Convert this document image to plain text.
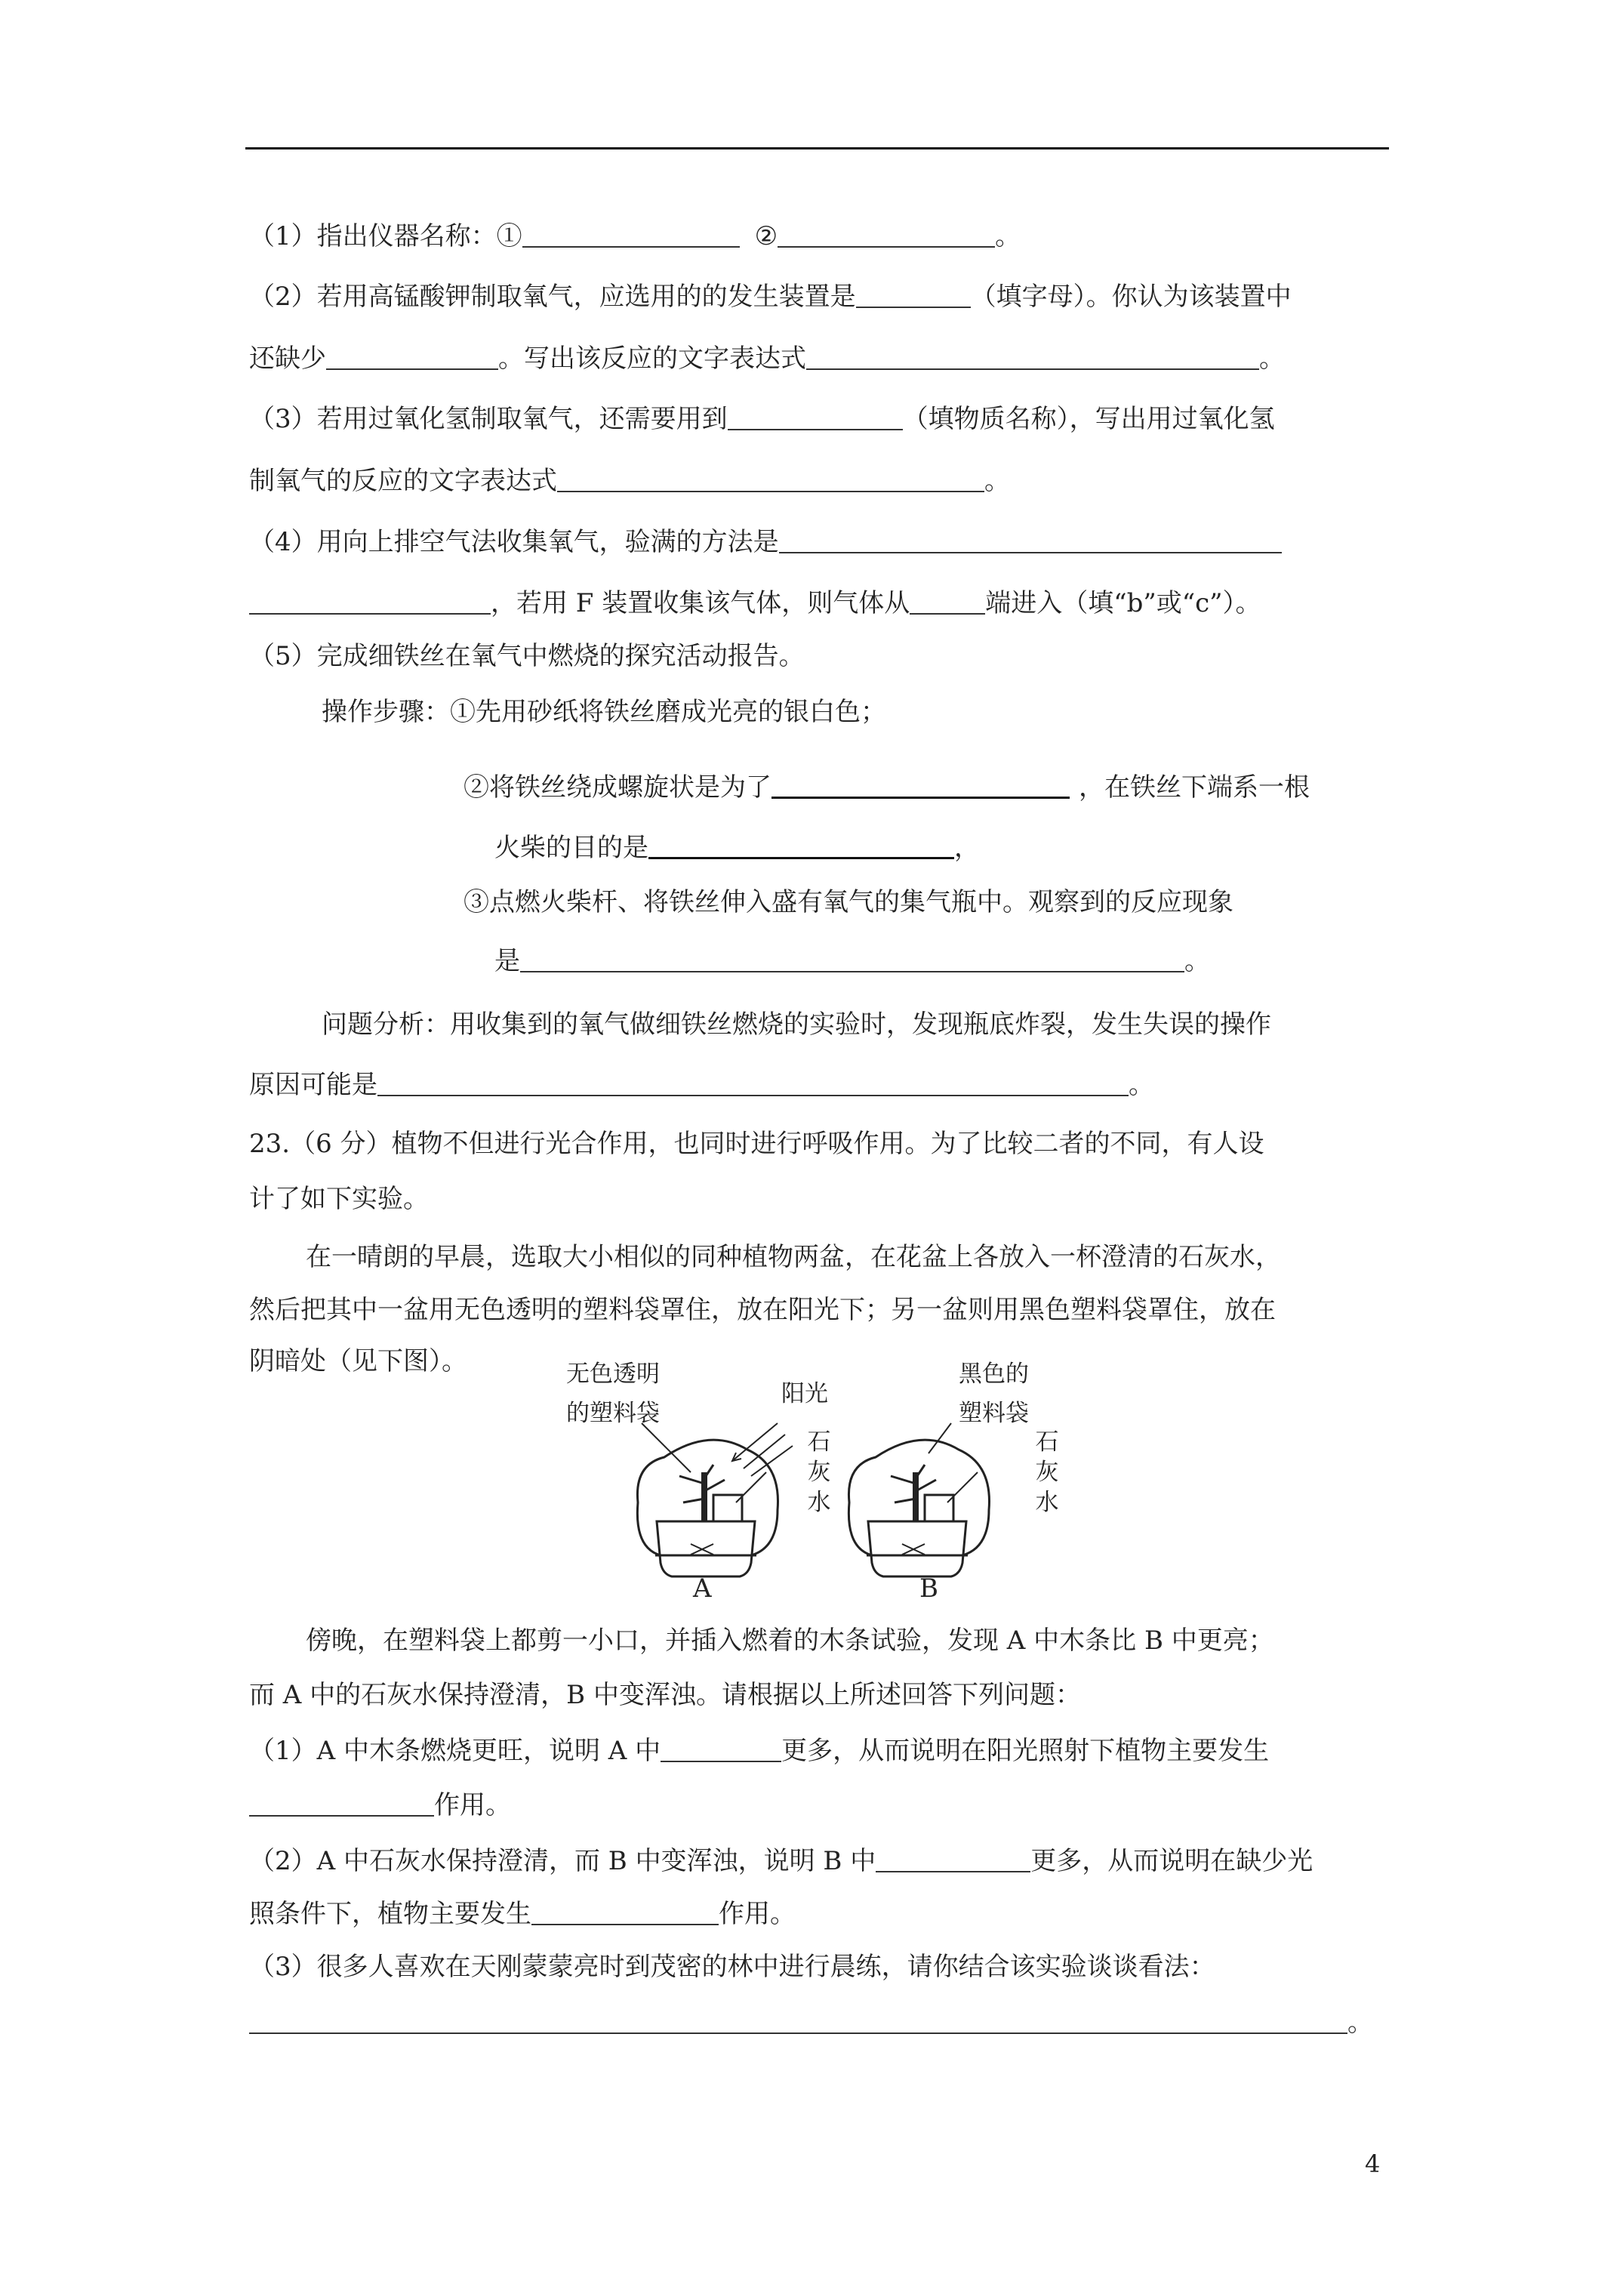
（1）指出仪器名称：①	②	。
（2）若用高锰酸钾制取氧气，应选用的的发生装置是	（填字母）。你认为该装置中
还缺少	。写出该反应的文字表达式	。
（3）若用过氧化氢制取氧气，还需要用到	（填物质名称），写出用过氧化氢
制氧气的反应的文字表达式	。
（4）用向上排空气法收集氧气，验满的方法是
，若用 F 装置收集该气体，则气体从	端进入（填“b”或“c”）。
（5）完成细铁丝在氧气中燃烧的探究活动报告。
操作步骤：①先用砂纸将铁丝磨成光亮的银白色；
②将铁丝绕成螺旋状是为了	，在铁丝下端系一根
火柴的目的是	，
③点燃火柴杆、将铁丝伸入盛有氧气的集气瓶中。观察到的反应现象
是	。
问题分析：用收集到的氧气做细铁丝燃烧的实验时，发现瓶底炸裂，发生失误的操作
原因可能是	。
23.（6 分）植物不但进行光合作用，也同时进行呼吸作用。为了比较二者的不同，有人设
计了如下实验。
在一晴朗的早晨，选取大小相似的同种植物两盆，在花盆上各放入一杯澄清的石灰水，
然后把其中一盆用无色透明的塑料袋罩住，放在阳光下；另一盆则用黑色塑料袋罩住，放在
阴暗处（见下图）。	无色透明
的塑料袋
阳光
石灰水
黑色的
塑料袋
石灰水
A	B
傍晚，在塑料袋上都剪一小口，并插入燃着的木条试验，发现 A 中木条比 B 中更亮；
而 A 中的石灰水保持澄清，B 中变浑浊。请根据以上所述回答下列问题：
（1）A 中木条燃烧更旺，说明 A 中	更多，从而说明在阳光照射下植物主要发生
作用。
（2）A 中石灰水保持澄清，而 B 中变浑浊，说明 B 中	更多，从而说明在缺少光
照条件下，植物主要发生	作用。
（3）很多人喜欢在天刚蒙蒙亮时到茂密的林中进行晨练，请你结合该实验谈谈看法：
。
4
